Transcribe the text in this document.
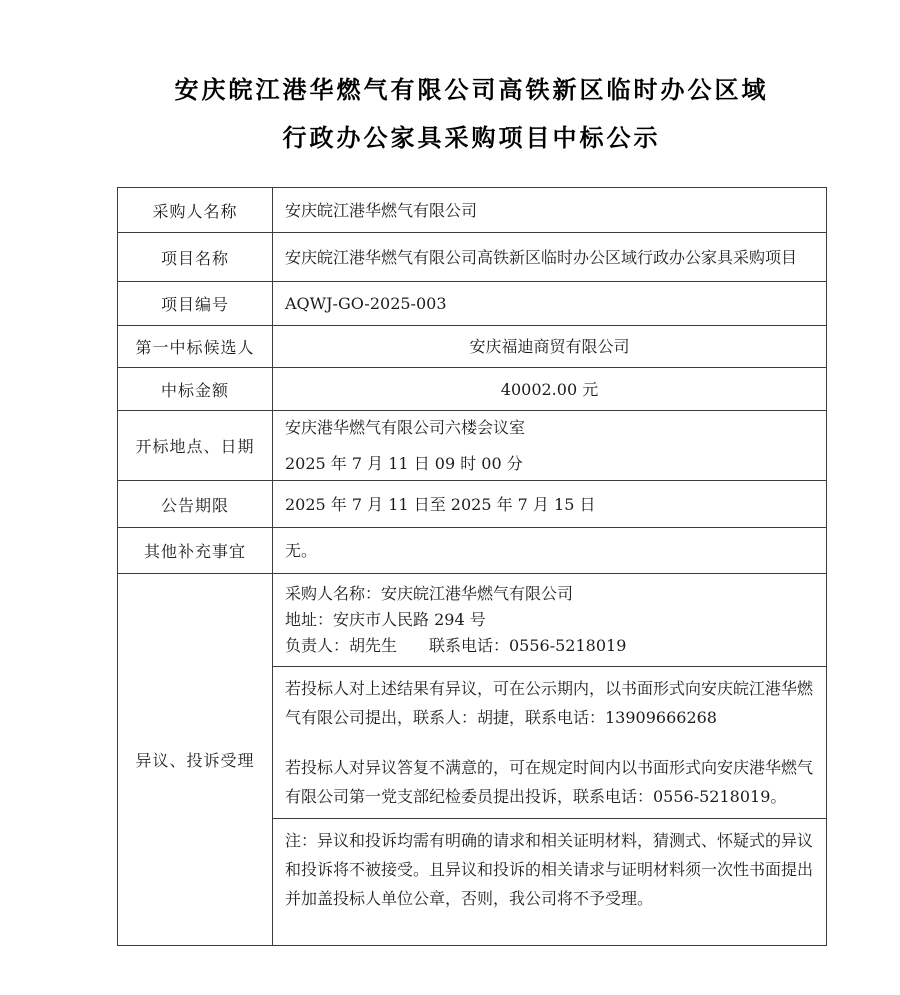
安庆皖江港华燃气有限公司高铁新区临时办公区域
行政办公家具采购项目中标公示
采购人名称	安庆皖江港华燃气有限公司
项目名称	安庆皖江港华燃气有限公司高铁新区临时办公区域行政办公家具采购项目
项目编号	AQWJ-GO-2025-003
第一中标候选人	安庆福迪商贸有限公司
中标金额	40002.00 元
开标地点、日期	安庆港华燃气有限公司六楼会议室
2025 年 7 月 11 日 09 时 00 分

公告期限	2025 年 7 月 11 日至 2025 年 7 月 15 日
其他补充事宜	无。
异议、投诉受理	采购人名称：安庆皖江港华燃气有限公司
地址：安庆市人民路 294 号
负责人：胡先生　　联系电话：0556-5218019

	若投标人对上述结果有异议，可在公示期内，以书面形式向安庆皖江港华燃气有限公司提出，联系人：胡捷，联系电话：13909666268
若投标人对异议答复不满意的，可在规定时间内以书面形式向安庆港华燃气有限公司第一党支部纪检委员提出投诉，联系电话：0556-5218019。

	注：异议和投诉均需有明确的请求和相关证明材料，猜测式、怀疑式的异议和投诉将不被接受。且异议和投诉的相关请求与证明材料须一次性书面提出并加盖投标人单位公章，否则，我公司将不予受理。
